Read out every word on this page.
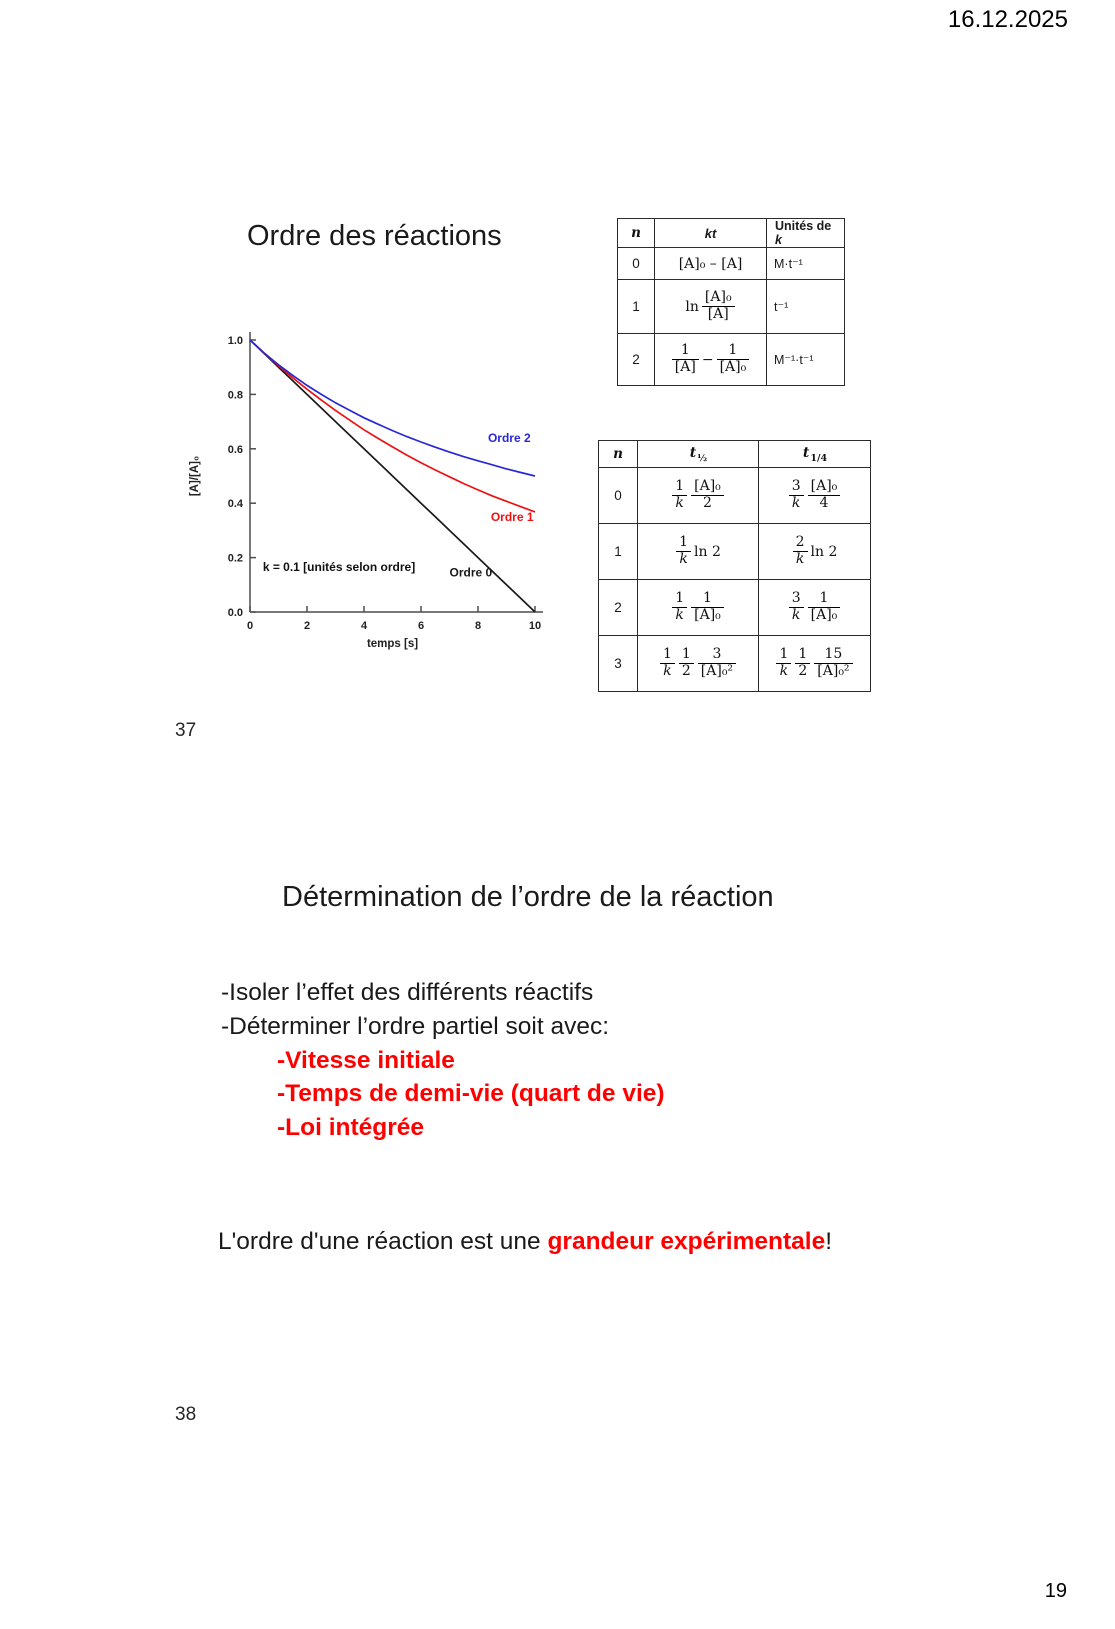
16.12.2025
Ordre des réactions
0.0
0.2
0.4
0.6
0.8
1.0
0	2	4	6	8	10
temps [s]
[A]/[A]₀
Ordre 2
Ordre 1
Ordre 0
k = 0.1 [unités selon ordre]
n	kt	Unités de k
0	[A]₀ – [A]	M·t⁻¹
1	$\ln \frac{\text{[A]₀}}{[A]}$	t⁻¹
2	$\frac{1}{[A]} - \frac{1}{\text{[A]₀}}$	M⁻¹·t⁻¹
n	$t_{\frac{1}{2}}$	$t_{1/4}$
0	$\frac{1}{k} \frac{\text{[A]₀}}{2}$	$\frac{3}{k} \frac{\text{[A]₀}}{4}$

1	$\frac{1}{k}$ ln 2	$\frac{2}{k}$ ln 2
2	$\frac{1}{k} \frac{1}{\text{[A]₀}}$	$\frac{3}{k} \frac{1}{\text{[A]₀}}$

3	$\frac{1}{k} \frac{1}{2} \frac{3}{\text{[A]₀²}}$	$\frac{1}{k} \frac{1}{2} \frac{15}{\text{[A]₀²}}$
37
Détermination de l’ordre de la réaction
-Isoler l’effet des différents réactifs
-Déterminer l’ordre partiel soit avec:
-Vitesse initiale
-Temps de demi-vie (quart de vie)
-Loi intégrée
L'ordre d'une réaction est une grandeur expérimentale!
38
19
